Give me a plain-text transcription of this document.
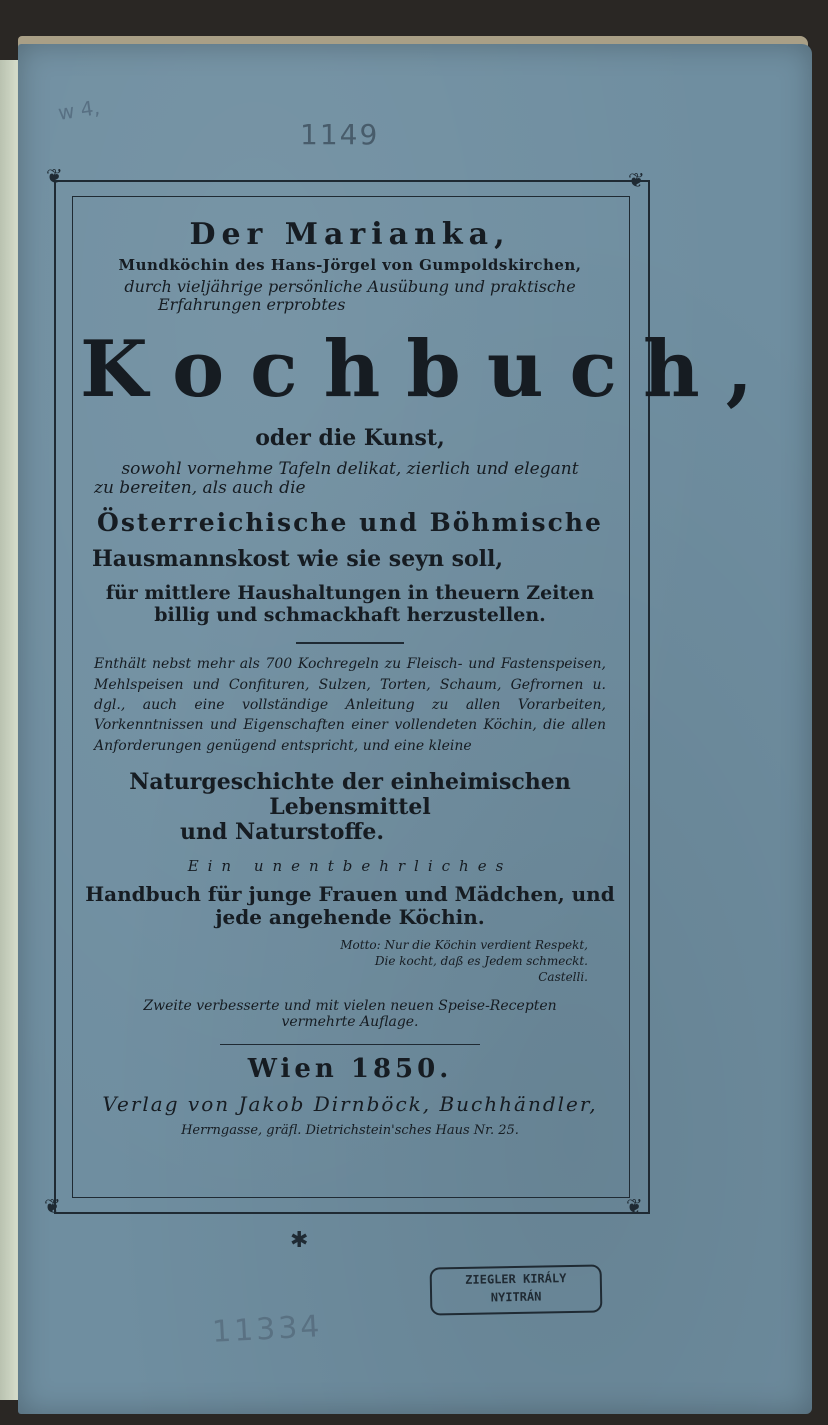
w 4,
1149
❦	❦
❦	❦

Der Marianka,

Mundköchin des Hans-Jörgel von Gumpoldskirchen,

durch vieljährige persönliche Ausübung und praktische

Erfahrungen erprobtes

Kochbuch,

oder die Kunst,

sowohl vornehme Tafeln delikat, zierlich und elegant

zu bereiten, als auch die

Österreichische und Böhmische

Hausmannskost wie sie seyn soll,

für mittlere Haushaltungen in theuern Zeiten

billig und schmackhaft herzustellen.

Enthält nebst mehr als 700 Kochregeln zu Fleisch- und Fastenspeisen, Mehlspeisen und Confituren, Sulzen, Torten, Schaum, Gefrornen u. dgl., auch eine vollständige Anleitung zu allen Vorarbeiten, Vorkenntnissen und Eigenschaften einer vollendeten Köchin, die allen Anforderungen genügend entspricht, und eine kleine

Naturgeschichte der einheimischen Lebensmittel

und Naturstoffe.

Ein unentbehrliches

Handbuch für junge Frauen und Mädchen, und

jede angehende Köchin.

Motto: Nur die Köchin verdient Respekt,
Die kocht, daß es Jedem schmeckt.
Castelli.

Zweite verbesserte und mit vielen neuen Speise-Recepten

vermehrte Auflage.

Wien 1850.

Verlag von Jakob Dirnböck, Buchhändler,

Herrngasse, gräfl. Dietrichstein'sches Haus Nr. 25.

✱
ZIEGLER KIRÁLY
NYITRÁN
11334
